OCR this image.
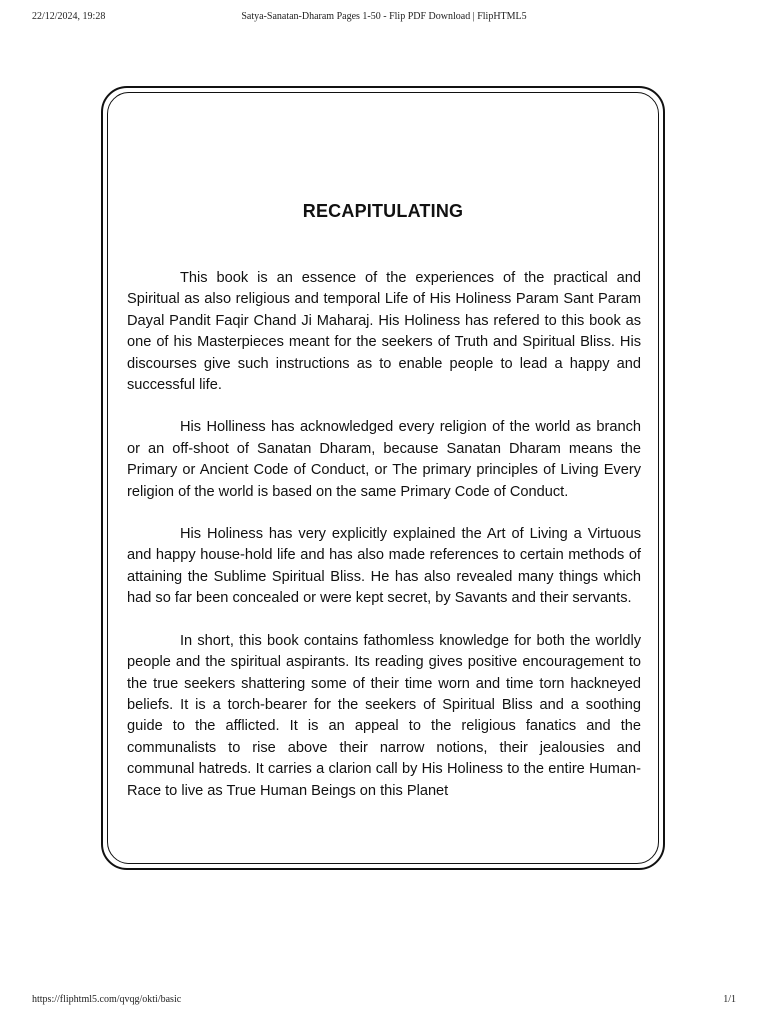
22/12/2024, 19:28	Satya-Sanatan-Dharam Pages 1-50 - Flip PDF Download | FlipHTML5
RECAPITULATING

This book is an essence of the experiences of the practical and Spiritual as also religious and temporal Life of His Holiness Param Sant Param Dayal Pandit Faqir Chand Ji Maharaj. His Holiness has refered to this book as one of his Masterpieces meant for the seekers of Truth and Spiritual Bliss. His discourses give such instructions as to enable people to lead a happy and successful life.

His Holliness has acknowledged every religion of the world as branch or an off-shoot of Sanatan Dharam, because Sanatan Dharam means the Primary or Ancient Code of Conduct, or The primary principles of Living Every religion of the world is based on the same Primary Code of Conduct.

His Holiness has very explicitly explained the Art of Living a Virtuous and happy house-hold life and has also made references to certain methods of attaining the Sublime Spiritual Bliss. He has also revealed many things which had so far been concealed or were kept secret, by Savants and their servants.

In short, this book contains fathomless knowledge for both the worldly people and the spiritual aspirants. Its reading gives positive encouragement to the true seekers shattering some of their time worn and time torn hackneyed beliefs. It is a torch-bearer for the seekers of Spiritual Bliss and a soothing guide to the afflicted. It is an appeal to the religious fanatics and the communalists to rise above their narrow notions, their jealousies and communal hatreds. It carries a clarion call by His Holiness to the entire Human-Race to live as True Human Beings on this Planet

https://fliphtml5.com/qvqg/okti/basic	1/1
